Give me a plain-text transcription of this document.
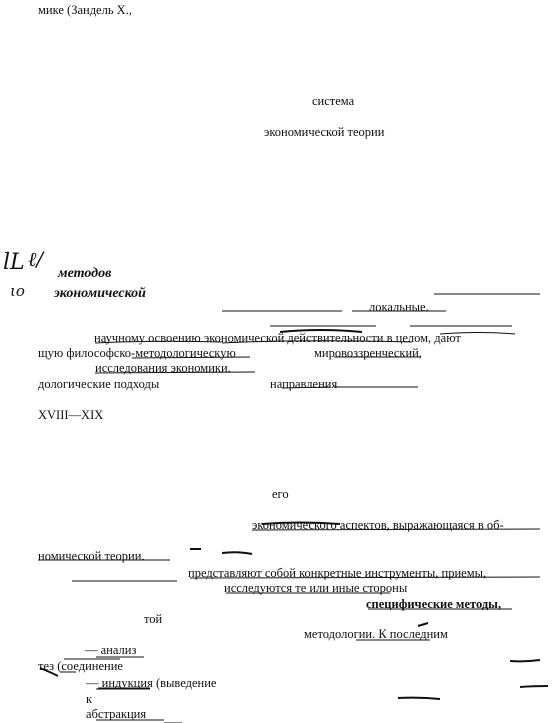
мике (Зандель Х.,
система
экономической теории
lL ℓ/
ιо
методов
экономической
локальные.
научному освоению экономической действительности в целом, дают
щую философско-методологическую	мировоззренческий,
исследования экономики.
дологические подходы	направления
XVIII—XIX
его
экономического аспектов, выражающаяся в об-
номической теории.
представляют собой конкретные инструменты, приемы,
исследуются те или иные стороны
специфические методы,
той
методологии. К последним
— анализ
тез (соединение
— индукция (выведение
к
абстракция
